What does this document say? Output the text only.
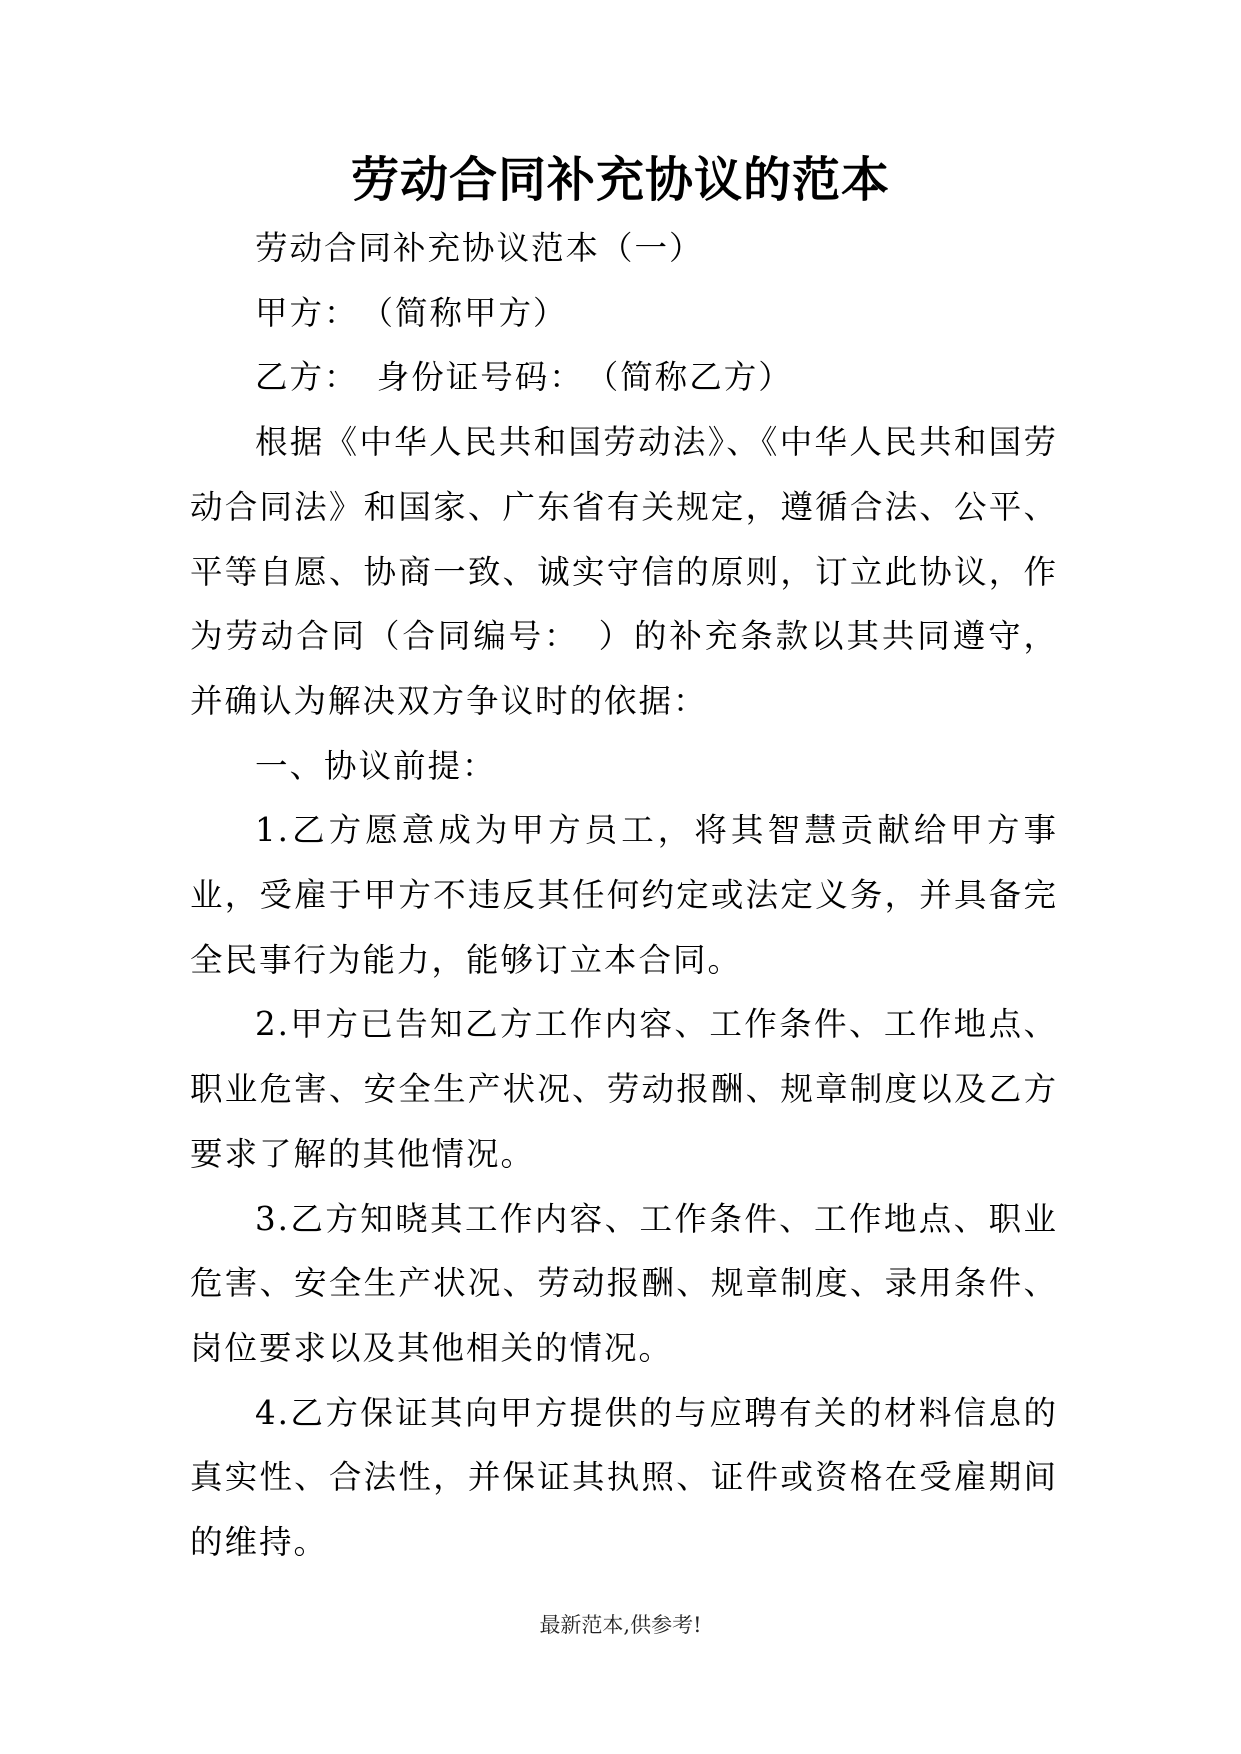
劳动合同补充协议的范本

劳动合同补充协议范本（一）

甲方：　（简称甲方）

乙方：　身份证号码：　（简称乙方）

根据《中华人民共和国劳动法》、《中华人民共和国劳动合同法》和国家、广东省有关规定，遵循合法、公平、平等自愿、协商一致、诚实守信的原则，订立此协议，作为劳动合同（合同编号：　）的补充条款以其共同遵守，并确认为解决双方争议时的依据：

一、协议前提：

1.乙方愿意成为甲方员工，将其智慧贡献给甲方事业，受雇于甲方不违反其任何约定或法定义务，并具备完全民事行为能力，能够订立本合同。

2.甲方已告知乙方工作内容、工作条件、工作地点、职业危害、安全生产状况、劳动报酬、规章制度以及乙方要求了解的其他情况。

3.乙方知晓其工作内容、工作条件、工作地点、职业危害、安全生产状况、劳动报酬、规章制度、录用条件、岗位要求以及其他相关的情况。

4.乙方保证其向甲方提供的与应聘有关的材料信息的真实性、合法性，并保证其执照、证件或资格在受雇期间的维持。

最新范本,供参考!
